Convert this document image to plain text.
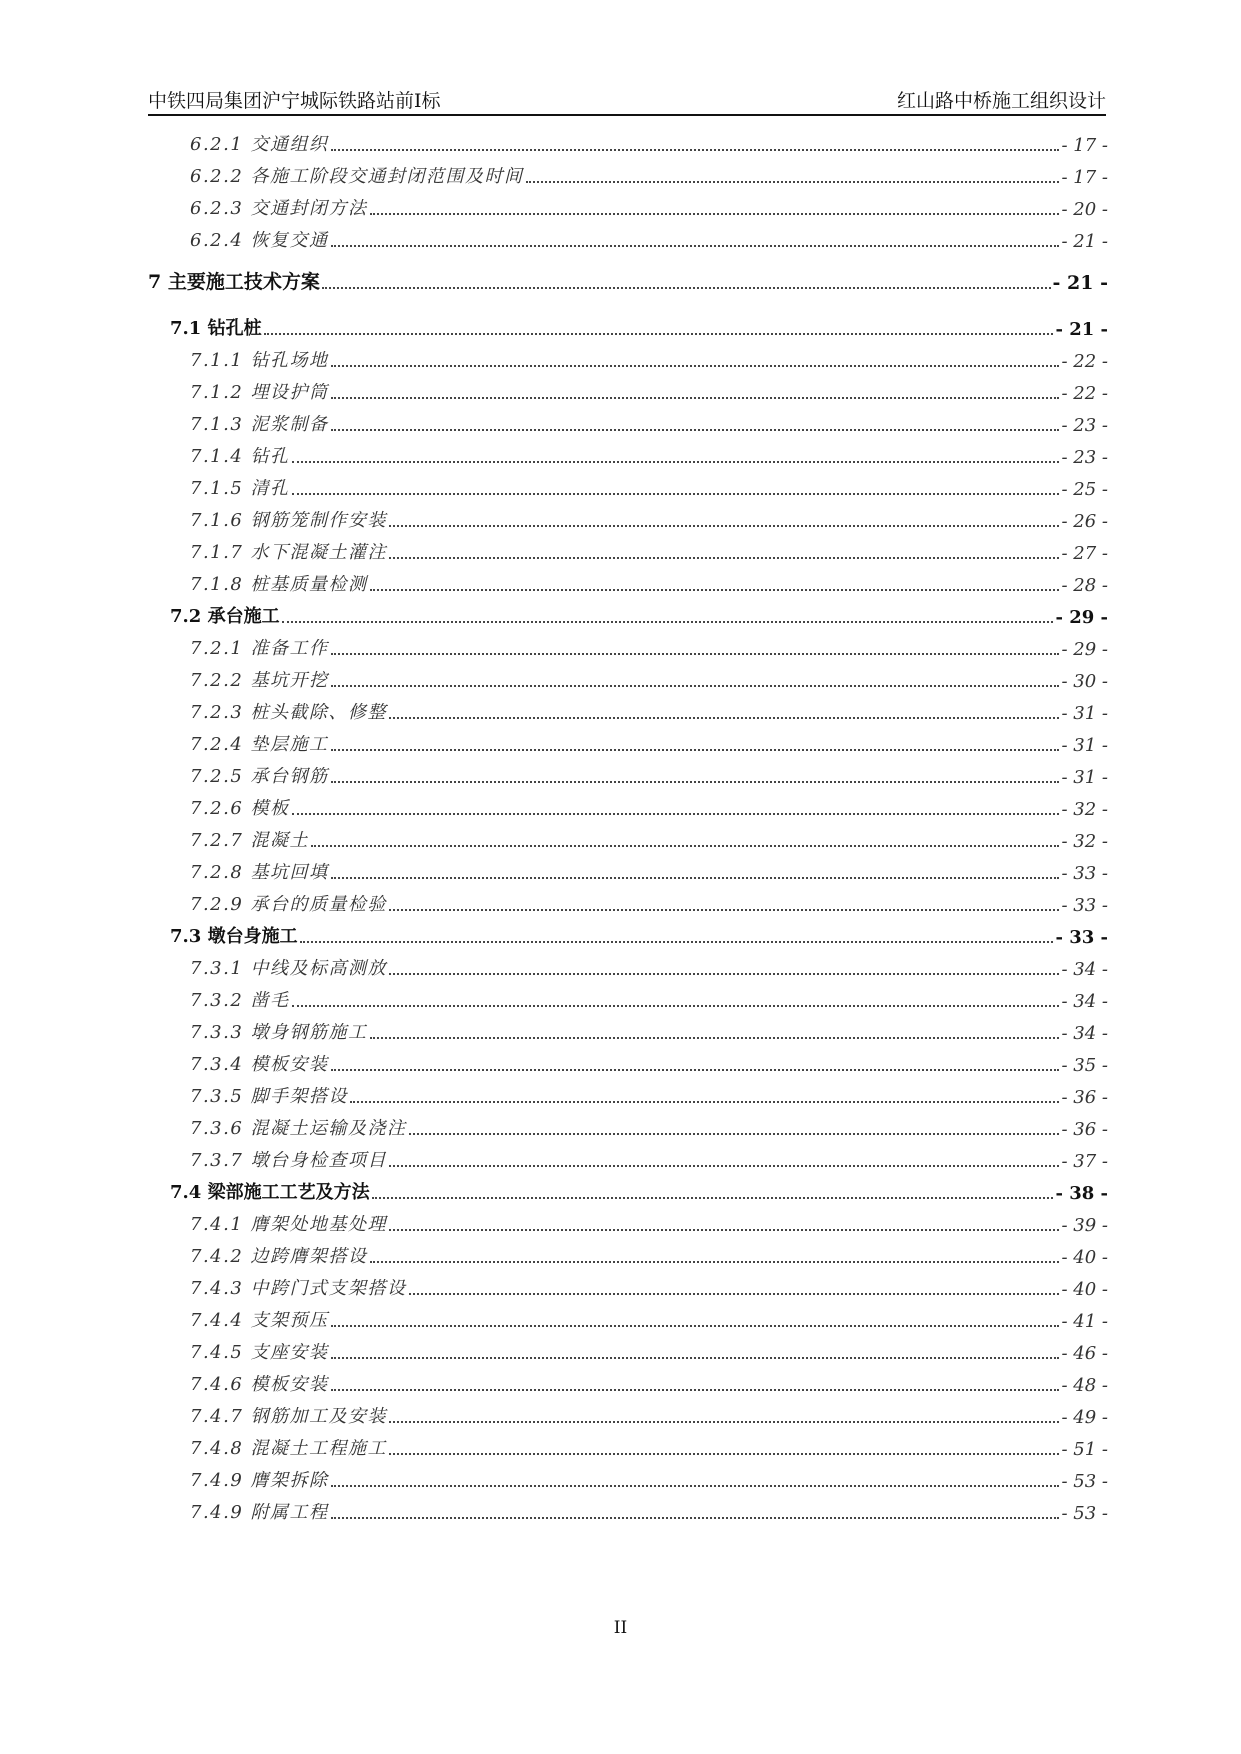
中铁四局集团沪宁城际铁路站前Ⅰ标	红山路中桥施工组织设计
6.2.1 交通组织	- 17 -
6.2.2 各施工阶段交通封闭范围及时间	- 17 -
6.2.3 交通封闭方法	- 20 -
6.2.4 恢复交通	- 21 -
7 主要施工技术方案	- 21 -
7.1 钻孔桩	- 21 -
7.1.1 钻孔场地	- 22 -
7.1.2 埋设护筒	- 22 -
7.1.3 泥浆制备	- 23 -
7.1.4 钻孔	- 23 -
7.1.5 清孔	- 25 -
7.1.6 钢筋笼制作安装	- 26 -
7.1.7 水下混凝土灌注	- 27 -
7.1.8 桩基质量检测	- 28 -
7.2 承台施工	- 29 -
7.2.1 准备工作	- 29 -
7.2.2 基坑开挖	- 30 -
7.2.3 桩头截除、修整	- 31 -
7.2.4 垫层施工	- 31 -
7.2.5 承台钢筋	- 31 -
7.2.6 模板	- 32 -
7.2.7 混凝土	- 32 -
7.2.8 基坑回填	- 33 -
7.2.9 承台的质量检验	- 33 -
7.3 墩台身施工	- 33 -
7.3.1 中线及标高测放	- 34 -
7.3.2 凿毛	- 34 -
7.3.3 墩身钢筋施工	- 34 -
7.3.4 模板安装	- 35 -
7.3.5 脚手架搭设	- 36 -
7.3.6 混凝土运输及浇注	- 36 -
7.3.7 墩台身检查项目	- 37 -
7.4 梁部施工工艺及方法	- 38 -
7.4.1 膺架处地基处理	- 39 -
7.4.2 边跨膺架搭设	- 40 -
7.4.3 中跨门式支架搭设	- 40 -
7.4.4 支架预压	- 41 -
7.4.5 支座安装	- 46 -
7.4.6 模板安装	- 48 -
7.4.7 钢筋加工及安装	- 49 -
7.4.8 混凝土工程施工	- 51 -
7.4.9 膺架拆除	- 53 -
7.4.9 附属工程	- 53 -
II
